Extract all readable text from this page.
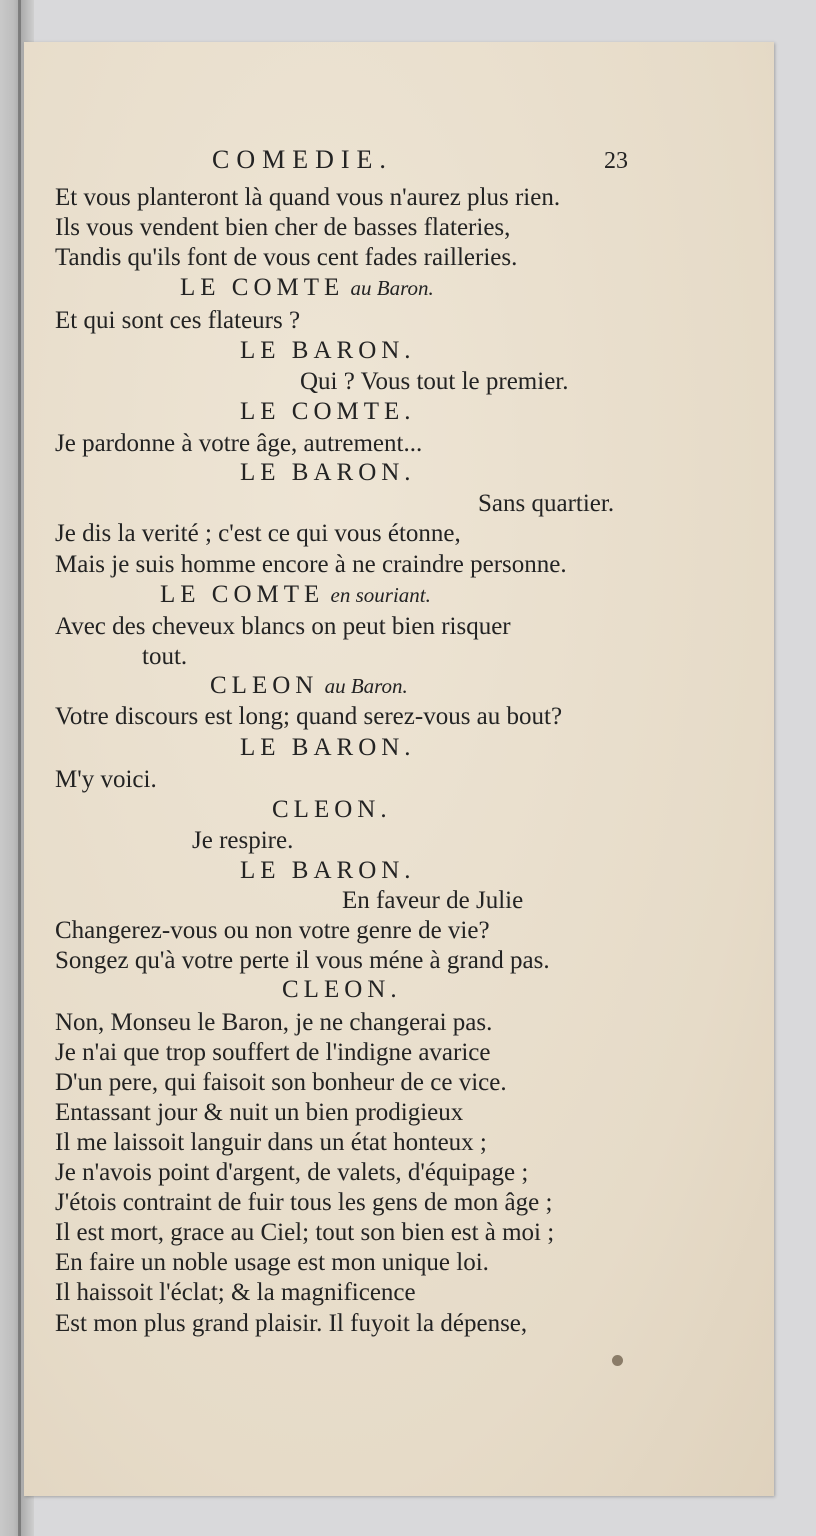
COMEDIE.	23
Et vous planteront là quand vous n'aurez plus rien.
Ils vous vendent bien cher de basses flateries,
Tandis qu'ils font de vous cent fades railleries.
LE COMTE au Baron.
Et qui sont ces flateurs ?
LE BARON.
Qui ? Vous tout le premier.
LE COMTE.
Je pardonne à votre âge, autrement...
LE BARON.
Sans quartier.
Je dis la verité ; c'est ce qui vous étonne,
Mais je suis homme encore à ne craindre personne.
LE COMTE en souriant.
Avec des cheveux blancs on peut bien risquer
tout.
CLEON au Baron.
Votre discours est long; quand serez-vous au bout?
LE BARON.
M'y voici.
CLEON.
Je respire.
LE BARON.
En faveur de Julie
Changerez-vous ou non votre genre de vie?
Songez qu'à votre perte il vous méne à grand pas.
CLEON.
Non, Monseu le Baron, je ne changerai pas.
Je n'ai que trop souffert de l'indigne avarice
D'un pere, qui faisoit son bonheur de ce vice.
Entassant jour & nuit un bien prodigieux
Il me laissoit languir dans un état honteux ;
Je n'avois point d'argent, de valets, d'équipage ;
J'étois contraint de fuir tous les gens de mon âge ;
Il est mort, grace au Ciel; tout son bien est à moi ;
En faire un noble usage est mon unique loi.
Il haissoit l'éclat; & la magnificence
Est mon plus grand plaisir. Il fuyoit la dépense,
